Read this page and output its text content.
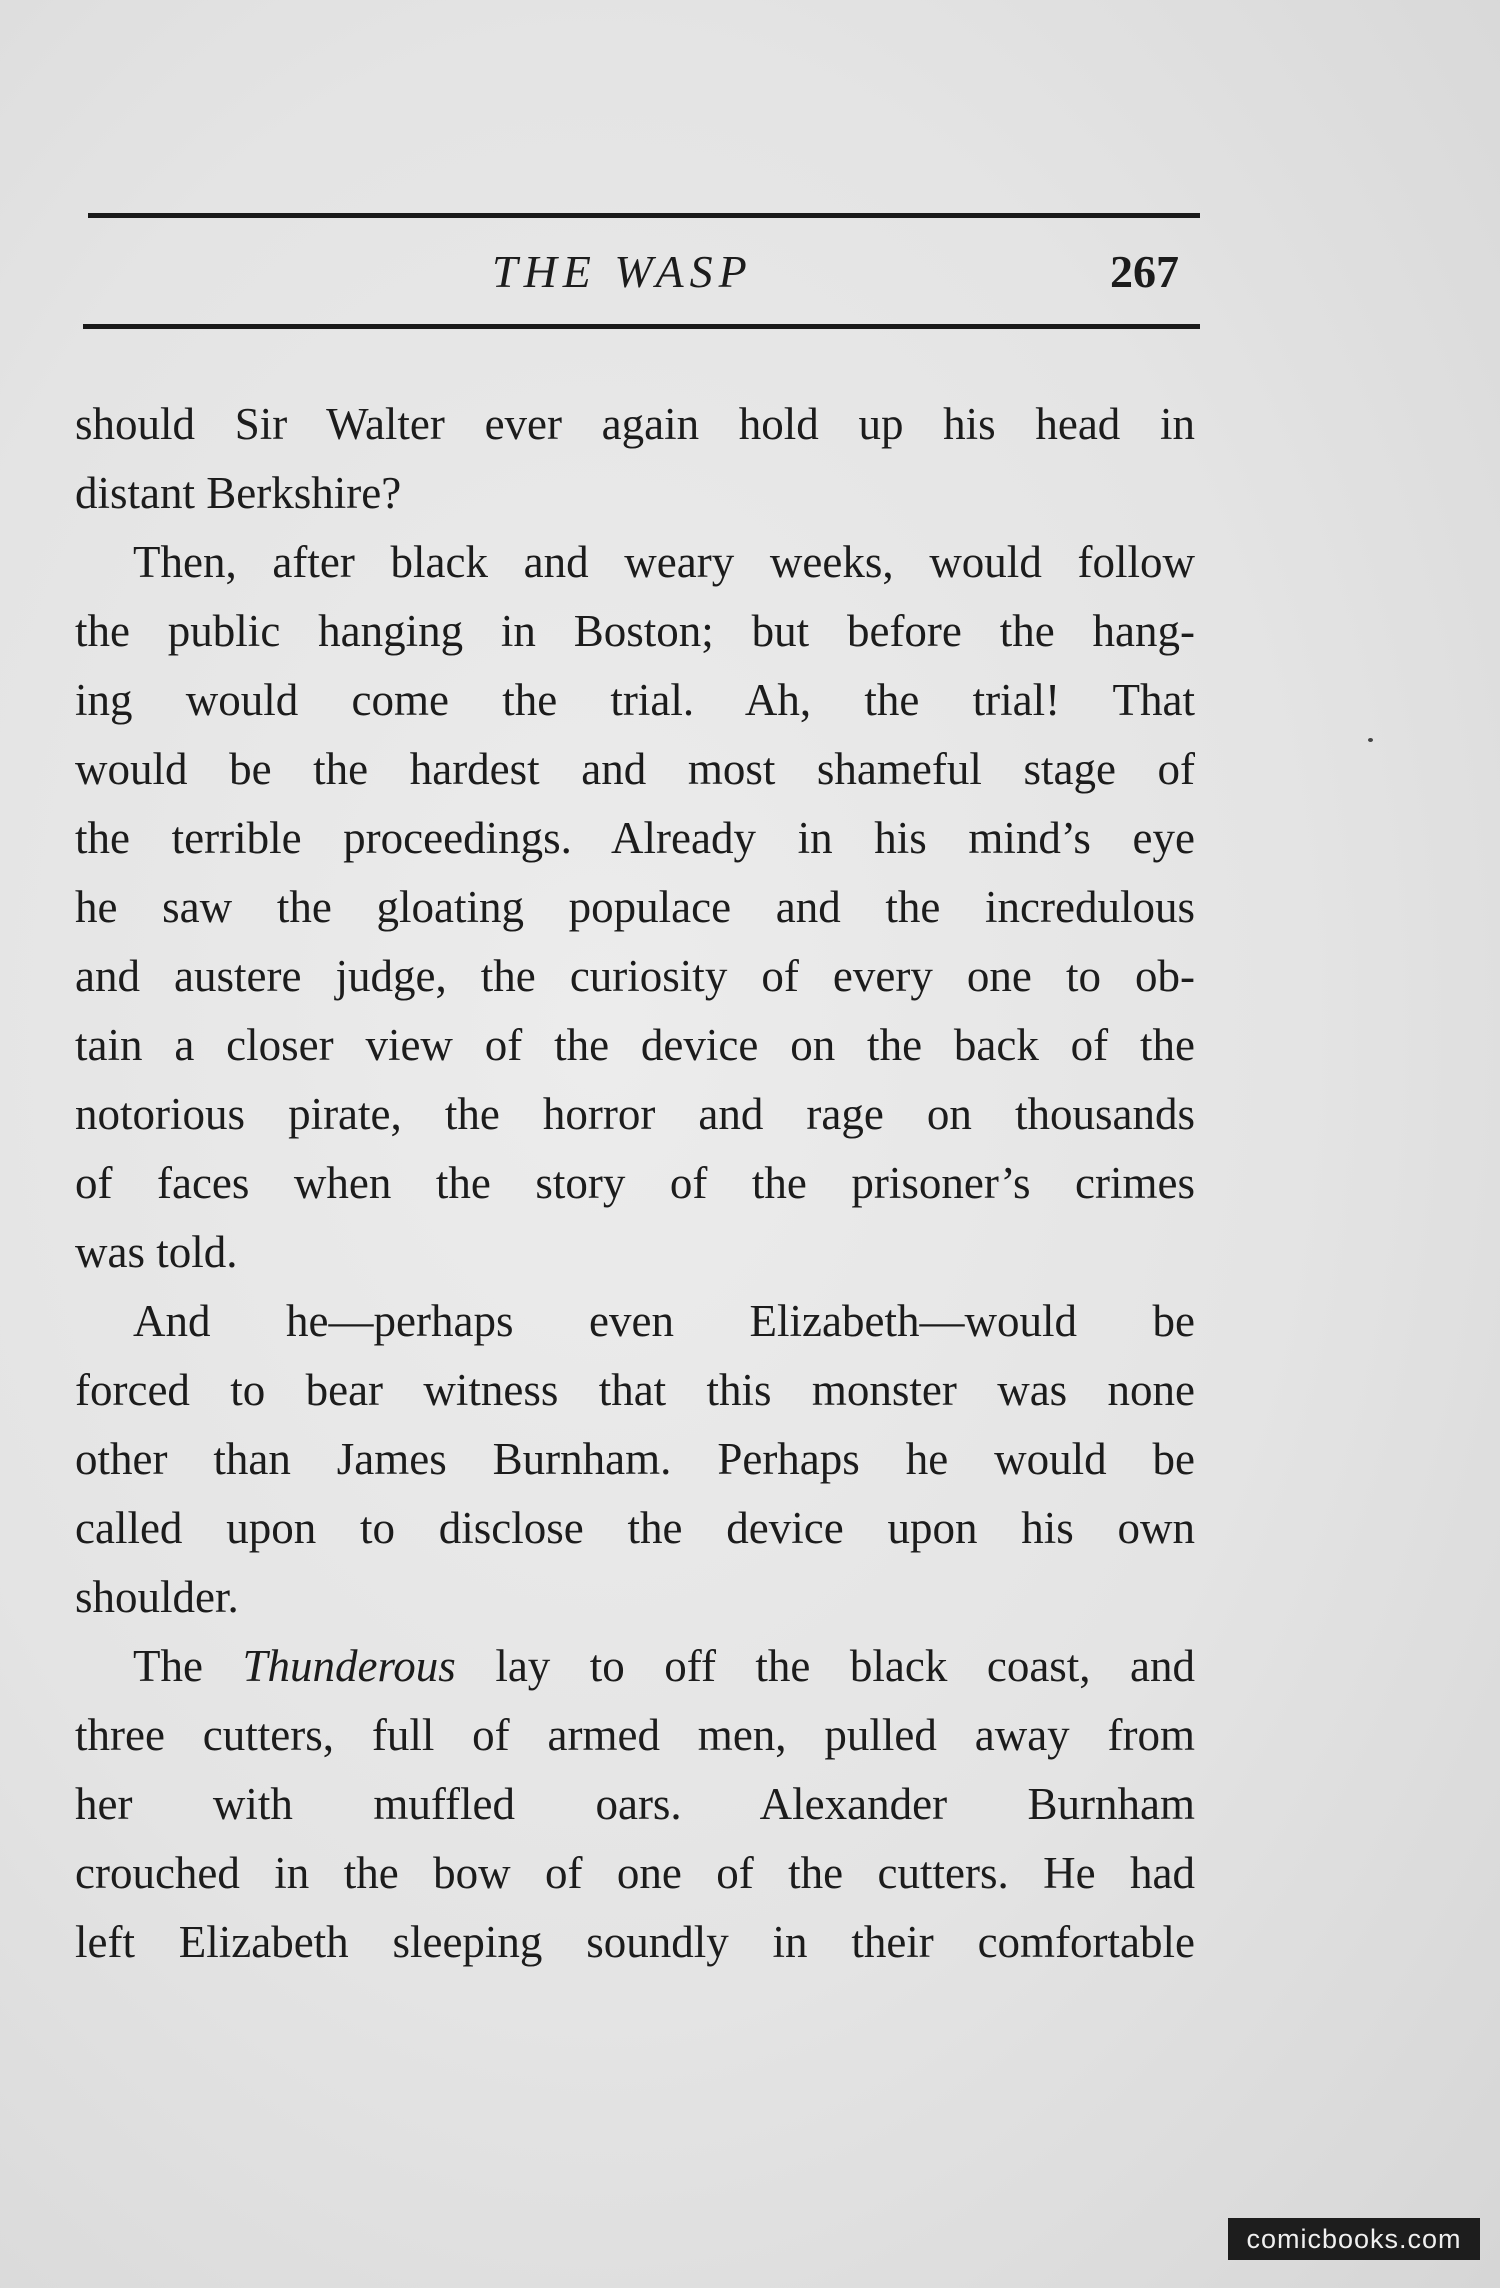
THE WASP	267
should Sir Walter ever again hold up his head in
distant Berkshire?
Then, after black and weary weeks, would follow
the public hanging in Boston; but before the hang-
ing would come the trial. Ah, the trial! That
would be the hardest and most shameful stage of
the terrible proceedings. Already in his mind’s eye
he saw the gloating populace and the incredulous
and austere judge, the curiosity of every one to ob-
tain a closer view of the device on the back of the
notorious pirate, the horror and rage on thousands
of faces when the story of the prisoner’s crimes
was told.
And he—perhaps even Elizabeth—would be
forced to bear witness that this monster was none
other than James Burnham. Perhaps he would be
called upon to disclose the device upon his own
shoulder.
The Thunderous lay to off the black coast, and
three cutters, full of armed men, pulled away from
her with muffled oars. Alexander Burnham
crouched in the bow of one of the cutters. He had
left Elizabeth sleeping soundly in their comfortable
comicbooks.com
